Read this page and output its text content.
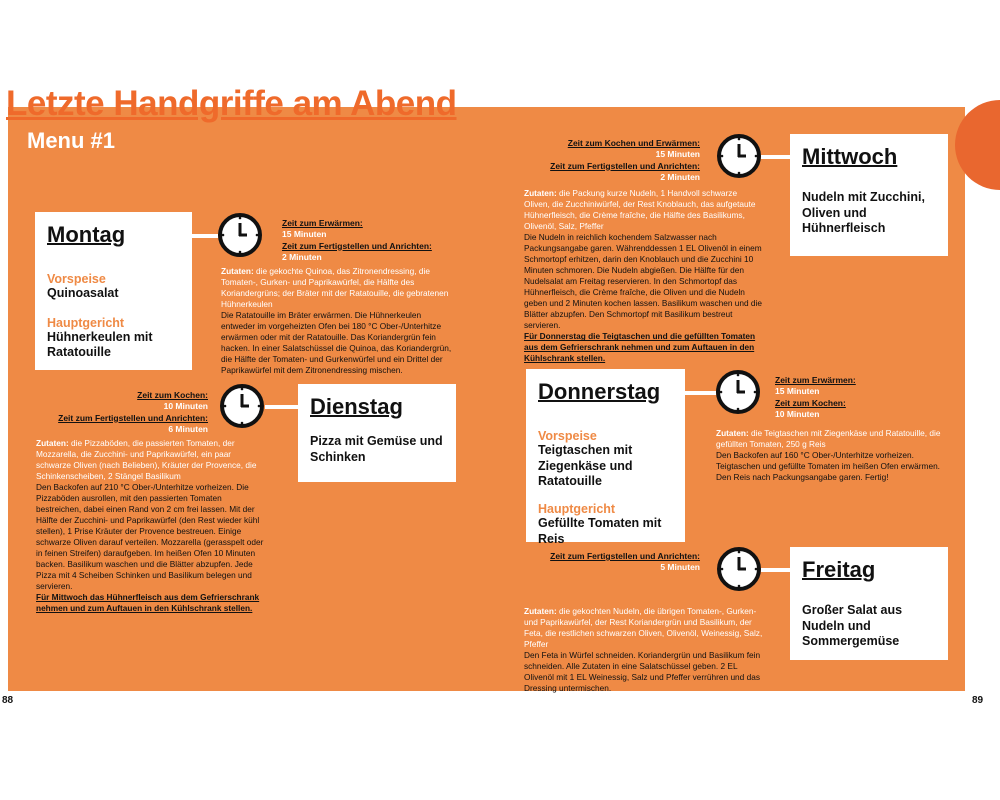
Letzte Handgriffe am Abend
Menu #1
Montag

Vorspeise

Quinoasalat

Hauptgericht

Hühnerkeulen mit Ratatouille

Zeit zum Erwärmen:
15 Minuten
Zeit zum Fertigstellen und Anrichten:
2 Minuten
Zutaten: die gekochte Quinoa, das Zitronendressing, die Tomaten-, Gurken- und Paprikawürfel, die Hälfte des Koriandergrüns; der Bräter mit der Ratatouille, die gebratenen Hühnerkeulen
Die Ratatouille im Bräter erwärmen. Die Hühnerkeulen entweder im vorgeheizten Ofen bei 180 °C Ober-/Unterhitze erwärmen oder mit der Ratatouille. Das Koriandergrün fein hacken. In einer Salatschüssel die Quinoa, das Koriandergrün, die Hälfte der Tomaten- und Gurkenwürfel und ein Drittel der Paprikawürfel mit dem Zitronendressing mischen.
Zeit zum Kochen:
10 Minuten
Zeit zum Fertigstellen und Anrichten:
6 Minuten
Dienstag

Pizza mit Gemüse und Schinken

Zutaten: die Pizzaböden, die passierten Tomaten, der Mozzarella, die Zucchini- und Paprikawürfel, ein paar schwarze Oliven (nach Belieben), Kräuter der Provence, die Schinkenscheiben, 2 Stängel Basilikum
Den Backofen auf 210 °C Ober-/Unterhitze vorheizen. Die Pizzaböden ausrollen, mit den passierten Tomaten bestreichen, dabei einen Rand von 2 cm frei lassen. Mit der Hälfte der Zucchini- und Paprikawürfel (den Rest wieder kühl stellen), 1 Prise Kräuter der Provence bestreuen. Einige schwarze Oliven darauf verteilen. Mozzarella (gerasspelt oder in feinen Streifen) daraufgeben. Im heißen Ofen 10 Minuten backen. Basilikum waschen und die Blätter abzupfen. Jede Pizza mit 4 Scheiben Schinken und Basilikum belegen und servieren.
Für Mittwoch das Hühnerfleisch aus dem Gefrierschrank nehmen und zum Auftauen in den Kühlschrank stellen.
Zeit zum Kochen und Erwärmen:
15 Minuten
Zeit zum Fertigstellen und Anrichten:
2 Minuten
Mittwoch

Nudeln mit Zucchini, Oliven und Hühnerfleisch

Zutaten: die Packung kurze Nudeln, 1 Handvoll schwarze Oliven, die Zucchiniwürfel, der Rest Knoblauch, das aufgetaute Hühnerfleisch, die Crème fraîche, die Hälfte des Basilikums, Olivenöl, Salz, Pfeffer
Die Nudeln in reichlich kochendem Salzwasser nach Packungsangabe garen. Währenddessen 1 EL Olivenöl in einem Schmortopf erhitzen, darin den Knoblauch und die Zucchini 10 Minuten schmoren. Die Nudeln abgießen. Die Hälfte für den Nudelsalat am Freitag reservieren. In den Schmortopf das Hühnerfleisch, die Crème fraîche, die Oliven und die Nudeln geben und 2 Minuten kochen lassen. Basilikum waschen und die Blätter abzupfen. Den Schmortopf mit Basilikum bestreut servieren.
Für Donnerstag die Teigtaschen und die gefüllten Tomaten aus dem Gefrierschrank nehmen und zum Auftauen in den Kühlschrank stellen.
Donnerstag

Vorspeise

Teigtaschen mit Ziegenkäse und Ratatouille

Hauptgericht

Gefüllte Tomaten mit Reis

Zeit zum Erwärmen:
15 Minuten
Zeit zum Kochen:
10 Minuten
Zutaten: die Teigtaschen mit Ziegenkäse und Ratatouille, die gefüllten Tomaten, 250 g Reis
Den Backofen auf 160 °C Ober-/Unterhitze vorheizen. Teigtaschen und gefüllte Tomaten im heißen Ofen erwärmen. Den Reis nach Packungsangabe garen. Fertig!
Zeit zum Fertigstellen und Anrichten:
5 Minuten	Freitag

Großer Salat aus Nudeln und Sommergemüse

Zutaten: die gekochten Nudeln, die übrigen Tomaten-, Gurken- und Paprikawürfel, der Rest Koriandergrün und Basilikum, der Feta, die restlichen schwarzen Oliven, Olivenöl, Weinessig, Salz, Pfeffer
Den Feta in Würfel schneiden. Koriandergrün und Basilikum fein schneiden. Alle Zutaten in eine Salatschüssel geben. 2 EL Olivenöl mit 1 EL Weinessig, Salz und Pfeffer verrühren und das Dressing untermischen.
88	89
